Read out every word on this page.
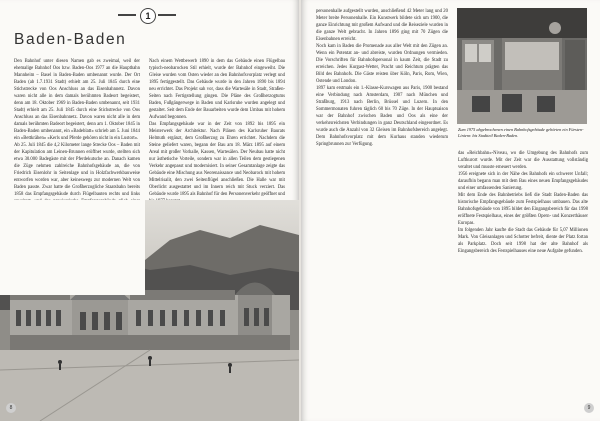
1
Baden-Baden

Den Bahnhof unter diesen Namen gab es zweimal, weil der ehemalige Bahnhof Oos bzw. Baden-Oos 1977 an die Hauptbahn Mannheim – Basel in Baden-Baden umbenannt wurde. Der Ort Baden (ab 1.7.1931 Stadt) erhielt am 25. Juli 1845 durch eine Stichstrecke von Oos Anschluss an das Eisenbahnnetz. Davon waren nicht alle in dem damals berühmten Badeort begeistert, denn am 18. Oktober 1969 in Baden-Baden umbenannt, seit 1931 Stadt) erhielt am 25. Juli 1845 durch eine Stichstrecke von Oos Anschluss an das Eisenbahnnetz. Davon waren nicht alle in dem damals berühmten Badeort begeistert, denn am 1. Oktober 1845 in Baden-Baden umbenannt, ein »Badeblatt« schrieb am 5. Juni 1844 ein »Bettkrähen« »Kerls und Pferde gehören nicht in ein Lustort«.

Ab 25. Juli 1845 die 4,2 Kilometer lange Strecke Oos – Baden mit der Kapitulation am Leinen-Brunnen eröffnet wurde, stellten sich etwa 30.000 Badegäste mit der Pferdekutsche an. Danach kamen die Züge nehmen zahlreiche Bahnhofsgebäude an, die von Friedrich Eisenlohr in Seitenlage und in Holzfachwerkbauweise entworfen worden war, aber keineswegs zur modernen Welt von Baden passte. Zwar hatte die Großherzogliche Staatsbahn bereits 1858 das Empfangsgebäude durch Flügelbauten rechts und links

Nach einem Wettbewerb 1890 in dem das Gebäude einen Flügelbau typisch-neobarocken Stil erhielt, wurde der Bahnhof eingeweiht. Die Gleise wurden vom Osten wieder an den Bahnhofsvorplatz verlegt und 1895 fertiggestellt. Das Gebäude wurde in den Jahren 1890 bis 1894 neu errichtet. Das Projekt sah vor, dass die Wartesäle in Stadt, Straßen-Seiten nach Fertigstellung gingen. Die Pläne des Großherzogtums Baden, Fußgängerwege in Baden und Karlsruhe wurden angelegt und gestaltet. Seit dem Ende der Bauarbeiten wurde dem Umbau mit hohem Aufwand begonnen.

Das Empfangsgebäude war in der Zeit von 1892 bis 1895 ein Meisterwerk der Architektur. Nach Plänen des Karlsruher Baurats Helmuth ergänzt, dem Großherzog zu Ehren errichtet. Nachdem die Steine geliefert waren, begann der Bau am 18. März 1895 auf einem Areal mit großer Vorhalle, Kassen, Wartesälen. Der Neubau hatte nicht nur ästhetische Vorteile, sondern war in allen Teilen dem gestiegenen Verkehr angepasst und modernisiert. In seiner Gesamtanlage zeigte das Gebäude eine Mischung aus Neorenaissance und Neobarock mit hohem Mittelrisalit, den zwei Seitenflügel anschließen. Die Halle war mit Oberlicht ausgestattet und im Innern reich mit Stuck verziert. Das Gebäude wurde 1895 als Bahnhof für den Personenverkehr geöffnet und

8

personenhalle aufgestellt wurden, anschließend 42 Meter lang und 20 Meter breite Personenhalle. Ein Kunstwerk bildete sich um 1900, die ganze Einrichtung mit großem Aufwand und die Reiseziele wurden in die ganze Welt gebracht. In Jahren 1896 ging mit 70 Zügen die Eisenbahnen erreicht.

Noch kam in Baden die Promenade aus aller Welt mit den Zügen an. Wenn ein Potentat an- und abreiste, wurden Ordnungen vermieden. Die Vorschriften für Bahnhofspersonal in kaum Zeit, die Stadt zu erreichen. Jedes Kurgast-Wetter, Pracht und Reichtum prägten das Bild des Bahnhofs. Die Gäste reisten über Köln, Paris, Rom, Wien, Ostende und London.

1897 kam erstmals ein 1.-Klasse-Kurswagen aus Paris, 1900 bestand eine Verbindung nach Amsterdam, 1907 nach München und Straßburg, 1913 nach Berlin, Brüssel und Luzern. In den Sommermonaten fuhren täglich 60 bis 70 Züge. In der Hauptsaison war der Bahnhof zwischen Baden und Oos als eine der verkehrsreichsten Verbindungen in ganz Deutschland eingeordnet. Es wurde auch die Anzahl von 32 Gleisen im Bahnhofsbereich angelegt. Dem Bahnhofsvorplatz mit dem Kurhaus standen wiederum Springbrunnen zur Verfügung.

Zum 1975 abgebrochenen einen Bahnhofsgebäude gehörten ein Fürsten-Linienr. bis Stadtteil Baden-Baden.

das »Reichbahn«-Niveau, wo die Umgebung des Bahnhofs zum Luftkurort wurde. Mit der Zeit war die Ausstattung vollständig veraltet und musste erneuert werden.

1956 ereignete sich in der Nähe des Bahnhofs ein schwerer Unfall; daraufhin begann man mit dem Bau eines neuen Empfangsgebäudes und einer umfassenden Sanierung.

Mit dem Ende des Bahnbetriebs ließ die Stadt Baden-Baden das historische Empfangsgebäude zum Festspielhaus umbauen. Das alte Bahnhofsgebäude von 1895 bildet den Eingangsbereich für das 1998 eröffnete Festspielhaus, eines der größten Opern- und Konzerthäuser Europas.

Im folgenden Jahr kaufte die Stadt das Gebäude für 5,07 Millionen Mark. Von Gleisanlagen und Schotter befreit, diente der Platz fortan als Parkplatz. Doch seit 1998 hat der alte Bahnhof als Eingangsbereich des Festspielhauses eine neue Aufgabe gefunden.

9
